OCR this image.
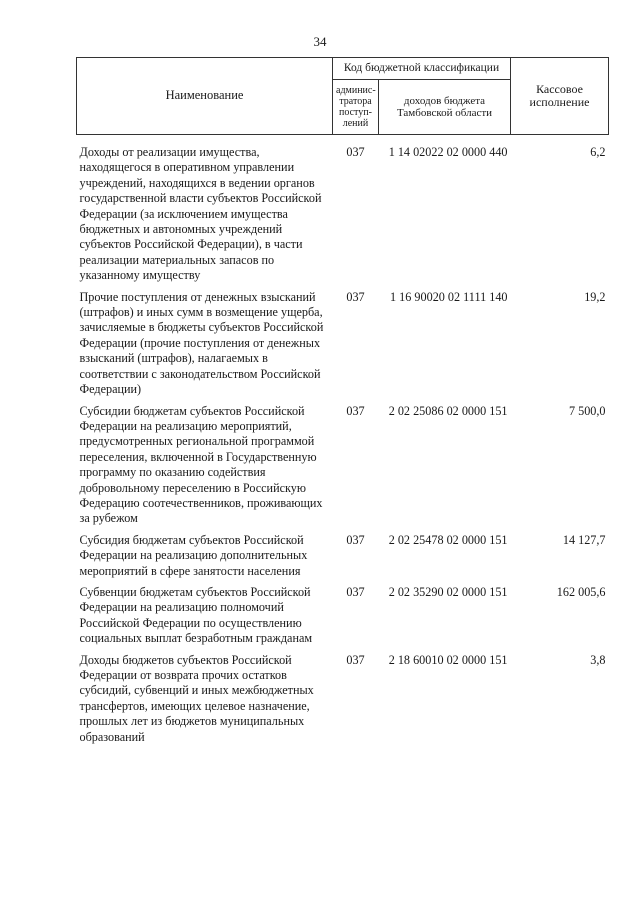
34
Наименование	Код бюджетной классификации		Кассовое исполнение
	админис-тратора поступ-лений	доходов бюджета Тамбовской области	
Доходы от реализации имущества, находящегося в оперативном управлении учреждений, находящихся в ведении органов государственной власти субъектов Российской Федерации (за исключением имущества бюджетных и автономных учреждений субъектов Российской Федерации), в части реализации материальных запасов по указанному имуществу	037	1 14 02022 02 0000 440	6,2
Прочие поступления от денежных взысканий (штрафов) и иных сумм в возмещение ущерба, зачисляемые в бюджеты субъектов Российской Федерации (прочие поступления от денежных взысканий (штрафов), налагаемых в соответствии с законодательством Российской Федерации)	037	1 16 90020 02 1111 140	19,2
Субсидии бюджетам субъектов Российской Федерации на реализацию мероприятий, предусмотренных региональной программой переселения, включенной в Государственную программу по оказанию содействия добровольному переселению в Российскую Федерацию соотечественников, проживающих за рубежом	037	2 02 25086 02 0000 151	7 500,0
Субсидия бюджетам субъектов Российской Федерации на реализацию дополнительных мероприятий в сфере занятости населения	037	2 02 25478 02 0000 151	14 127,7
Субвенции бюджетам субъектов Российской Федерации на реализацию полномочий Российской Федерации по осуществлению социальных выплат безработным гражданам	037	2 02 35290 02 0000 151	162 005,6
Доходы бюджетов субъектов Российской Федерации от возврата прочих остатков субсидий, субвенций и иных межбюджетных трансфертов, имеющих целевое назначение, прошлых лет из бюджетов муниципальных образований	037	2 18 60010 02 0000 151	3,8
